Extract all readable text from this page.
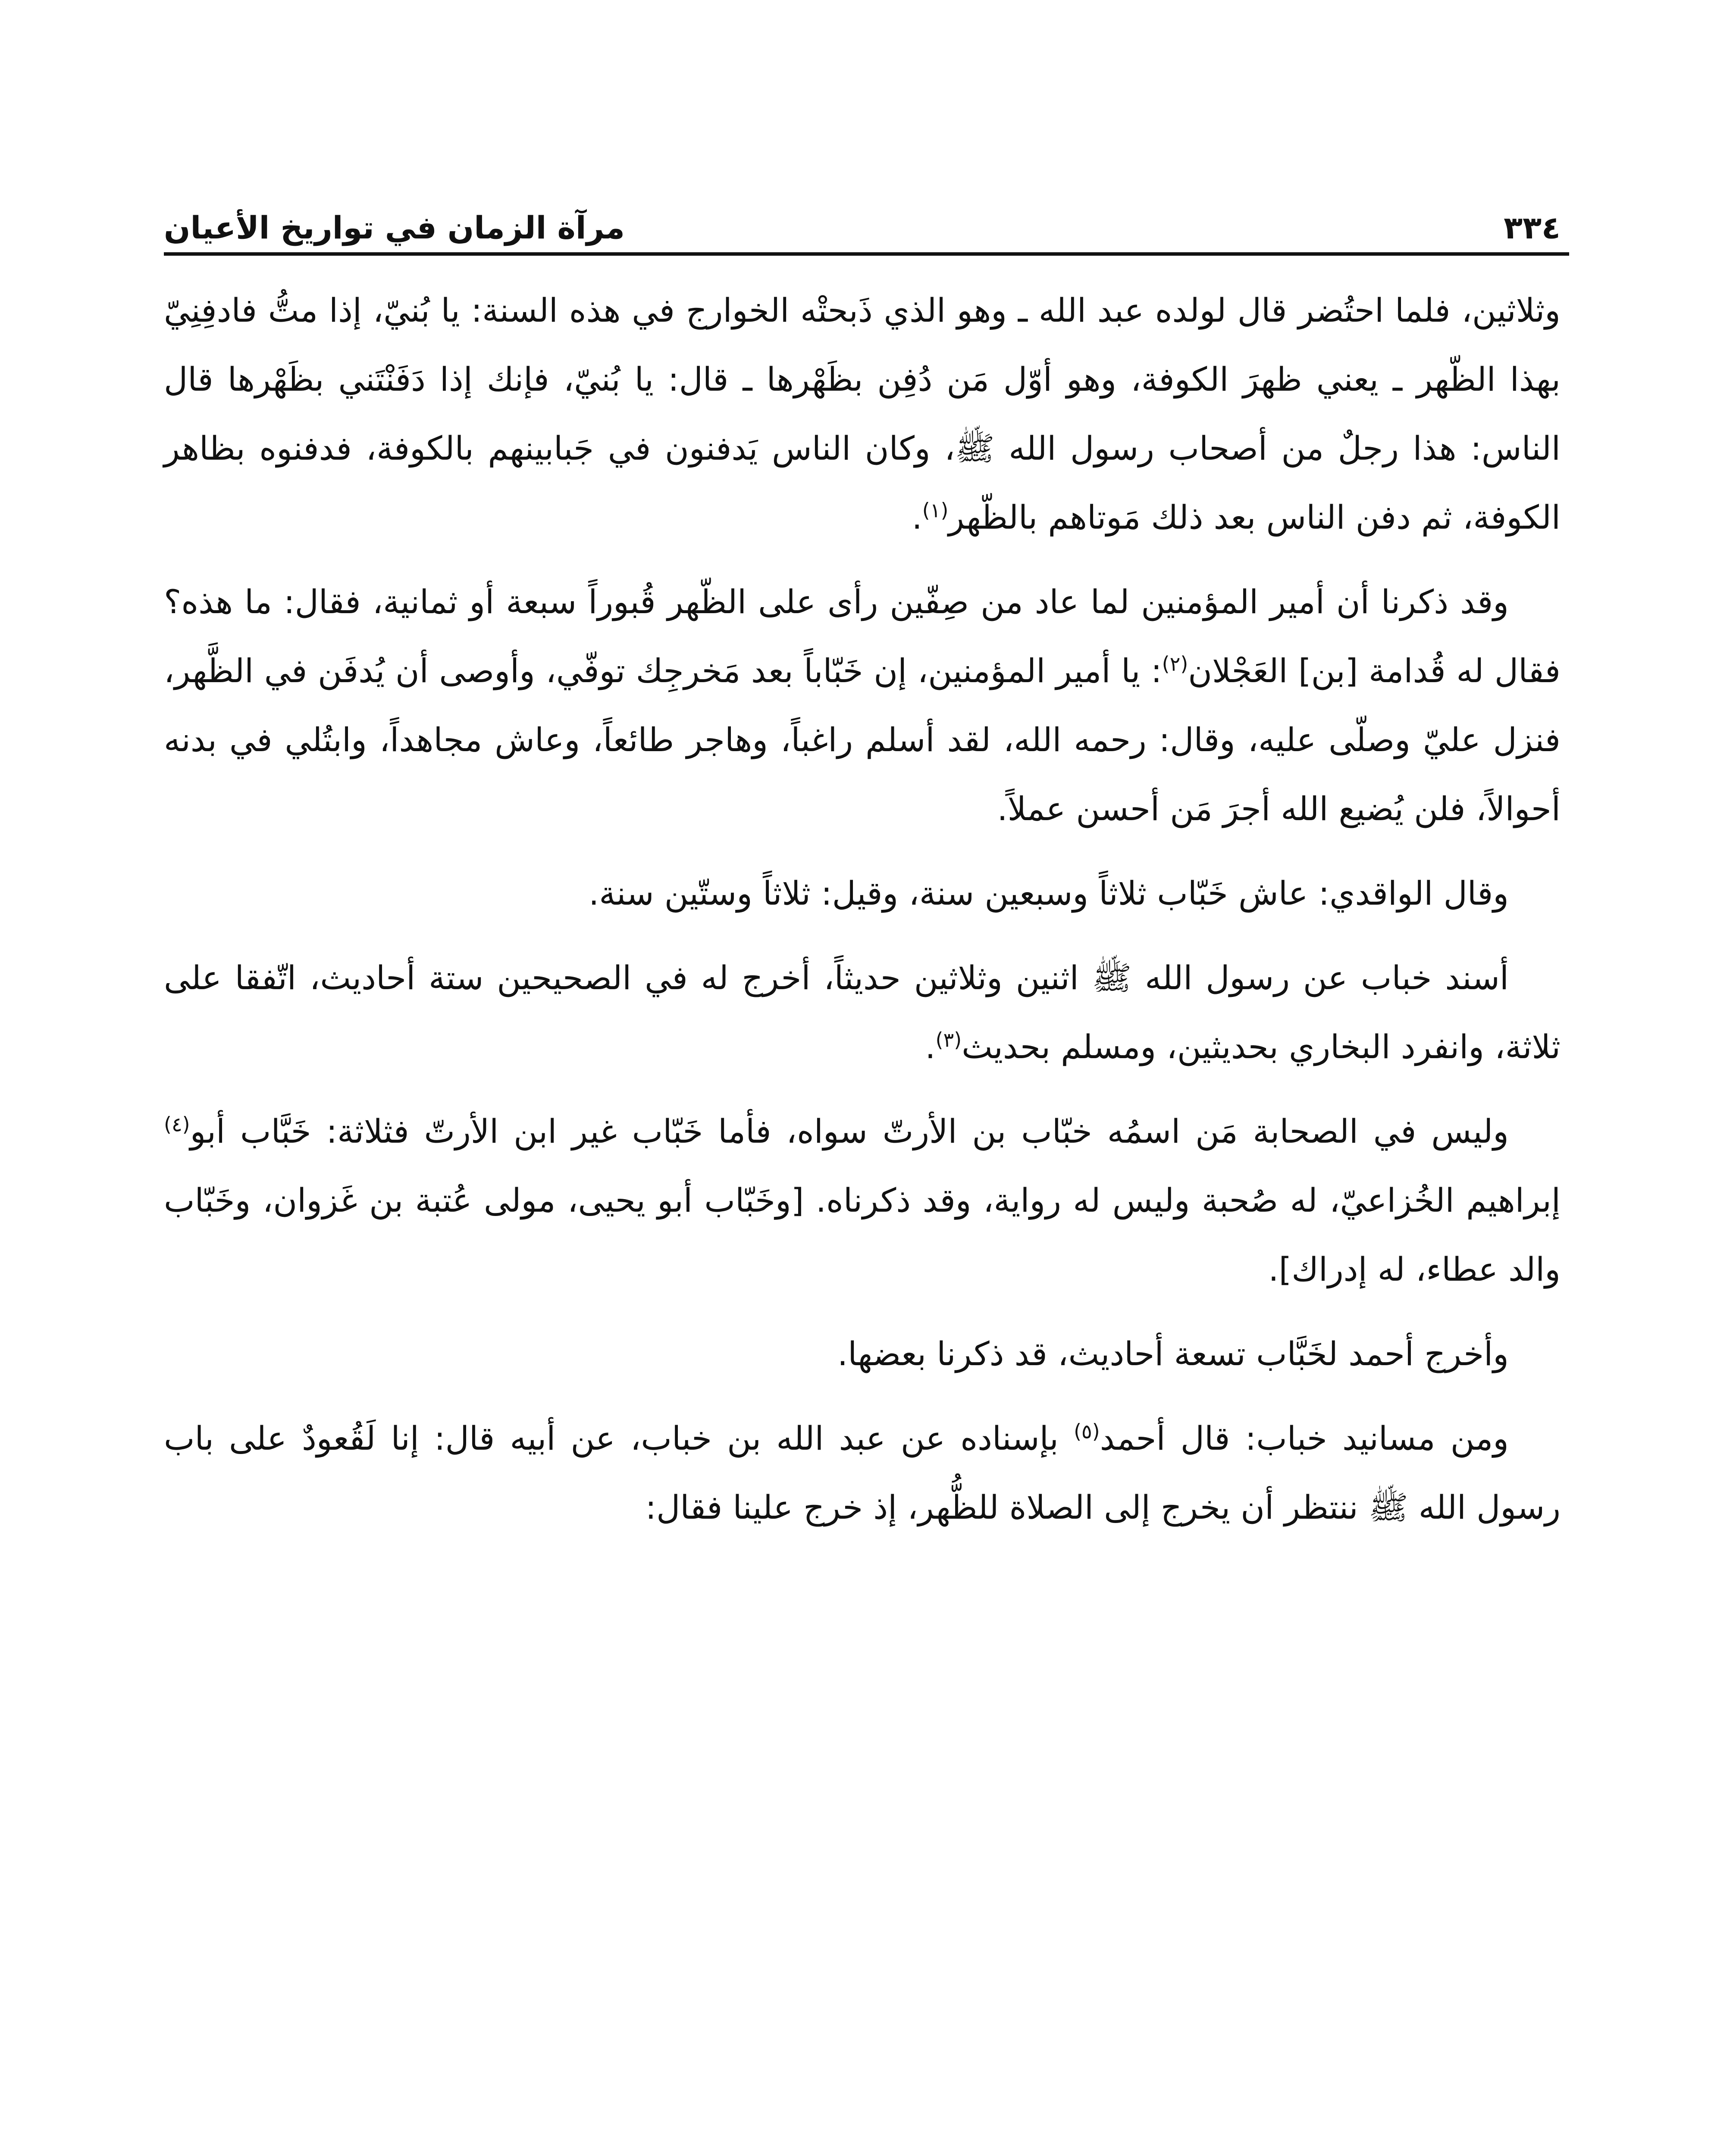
٣٣٤
مرآة الزمان في تواريخ الأعيان

وثلاثين، فلما احتُضر قال لولده عبد الله ـ وهو الذي ذَبحتْه الخوارج في هذه السنة: يا بُنيّ، إذا متُّ فادفِنِيّ بهذا الظّهر ـ يعني ظهرَ الكوفة، وهو أوّل مَن دُفِن بظَهْرها ـ قال: يا بُنيّ، فإنك إذا دَفَنْتَني بظَهْرها قال الناس: هذا رجلٌ من أصحاب رسول الله ﷺ، وكان الناس يَدفنون في جَبابينهم بالكوفة، فدفنوه بظاهر الكوفة، ثم دفن الناس بعد ذلك مَوتاهم بالظّهر$^{(١)}$.

وقد ذكرنا أن أمير المؤمنين لما عاد من صِفّين رأى على الظّهر قُبوراً سبعة أو ثمانية، فقال: ما هذه؟ فقال له قُدامة [بن] العَجْلان$^{(٢)}$: يا أمير المؤمنين، إن خَبّاباً بعد مَخرجِك توفّي، وأوصى أن يُدفَن في الظَّهر، فنزل عليّ وصلّى عليه، وقال: رحمه الله، لقد أسلم راغباً، وهاجر طائعاً، وعاش مجاهداً، وابتُلي في بدنه أحوالاً، فلن يُضيع الله أجرَ مَن أحسن عملاً.

وقال الواقدي: عاش خَبّاب ثلاثاً وسبعين سنة، وقيل: ثلاثاً وستّين سنة.

أسند خباب عن رسول الله ﷺ اثنين وثلاثين حديثاً، أخرج له في الصحيحين ستة أحاديث، اتّفقا على ثلاثة، وانفرد البخاري بحديثين، ومسلم بحديث$^{(٣)}$.

وليس في الصحابة مَن اسمُه خبّاب بن الأرتّ سواه، فأما خَبّاب غير ابن الأرتّ فثلاثة: خَبَّاب أبو$^{(٤)}$ إبراهيم الخُزاعيّ، له صُحبة وليس له رواية، وقد ذكرناه. [وخَبّاب أبو يحيى، مولى عُتبة بن غَزوان، وخَبّاب والد عطاء، له إدراك].

وأخرج أحمد لخَبَّاب تسعة أحاديث، قد ذكرنا بعضها.

ومن مسانيد خباب: قال أحمد$^{(٥)}$ بإسناده عن عبد الله بن خباب، عن أبيه قال: إنا لَقُعودٌ على باب رسول الله ﷺ ننتظر أن يخرج إلى الصلاة للظُّهر، إذ خرج علينا فقال:
